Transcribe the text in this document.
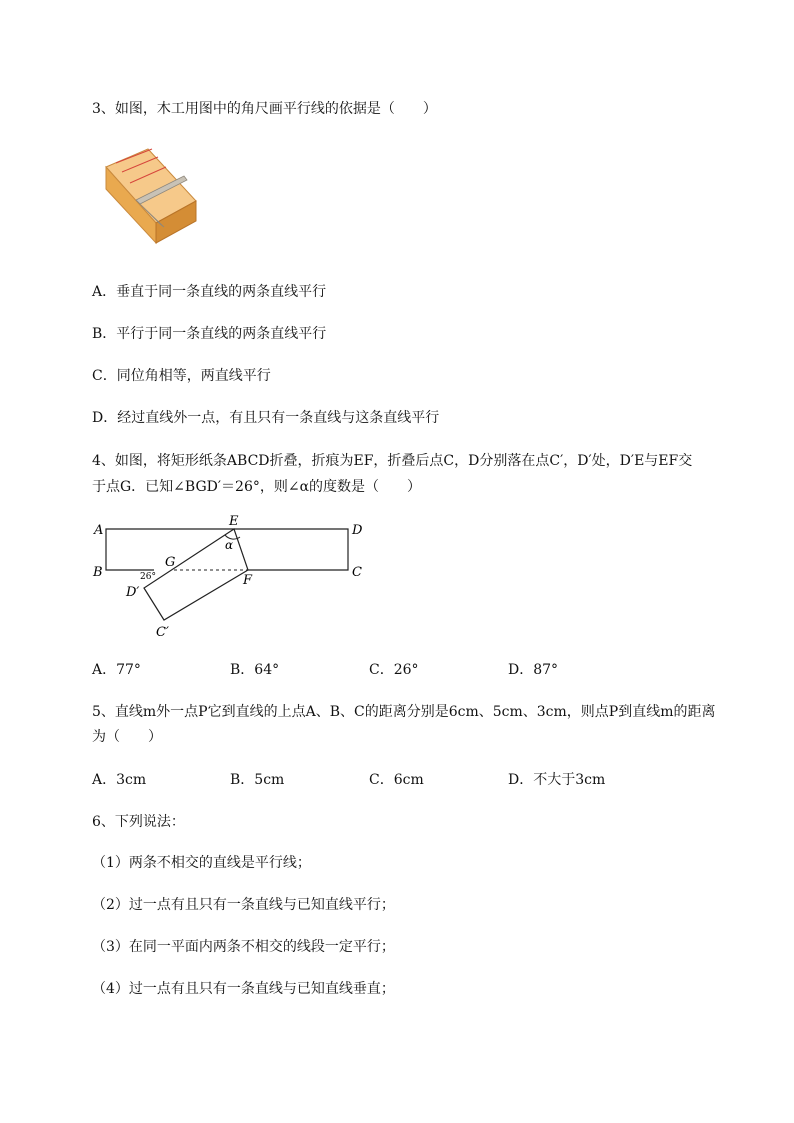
3、如图，木工用图中的角尺画平行线的依据是（　　）
A．垂直于同一条直线的两条直线平行
B．平行于同一条直线的两条直线平行
C．同位角相等，两直线平行
D．经过直线外一点，有且只有一条直线与这条直线平行
4、如图，将矩形纸条ABCD折叠，折痕为EF，折叠后点C，D分别落在点C′，D′处，D′E与EF交
于点G．已知∠BGD′＝26°，则∠α的度数是（　　）
A
B	C
D
E
F
G
D′
C′
α
26°
A．77°	B．64°	C．26°	D．87°
5、直线m外一点P它到直线的上点A、B、C的距离分别是6cm、5cm、3cm，则点P到直线m的距离
为（　　）
A．3cm	B．5cm	C．6cm	D．不大于3cm
6、下列说法：
（1）两条不相交的直线是平行线；
（2）过一点有且只有一条直线与已知直线平行；
（3）在同一平面内两条不相交的线段一定平行；
（4）过一点有且只有一条直线与已知直线垂直；
